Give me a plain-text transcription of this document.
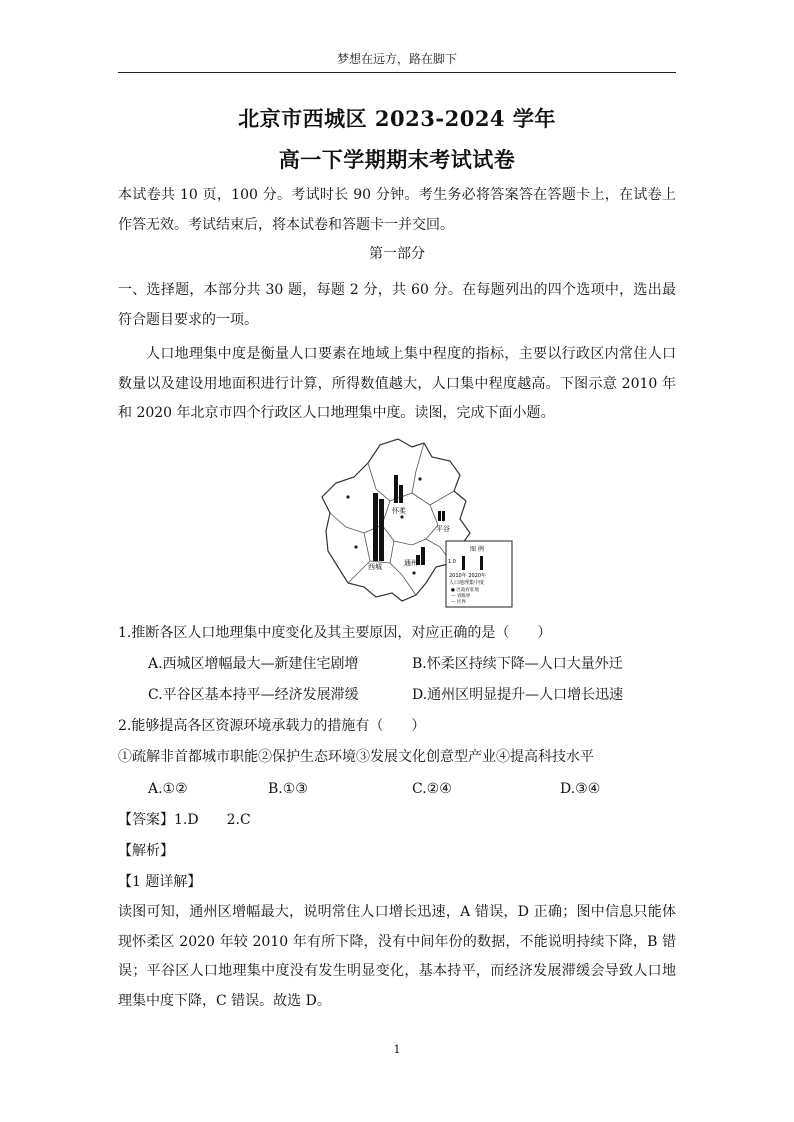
梦想在远方，路在脚下
北京市西城区 2023-2024 学年
高一下学期期末考试试卷
本试卷共 10 页，100 分。考试时长 90 分钟。考生务必将答案答在答题卡上，在试卷上作答无效。考试结束后，将本试卷和答题卡一并交回。
第一部分
一、选择题，本部分共 30 题，每题 2 分，共 60 分。在每题列出的四个选项中，选出最符合题目要求的一项。
人口地理集中度是衡量人口要素在地域上集中程度的指标，主要以行政区内常住人口数量以及建设用地面积进行计算，所得数值越大，人口集中程度越高。下图示意 2010 年和 2020 年北京市四个行政区人口地理集中度。读图，完成下面小题。
怀柔
平谷
西城	通州
图 例
1.0
2010年 2020年
人口地理集中度
● 区政府驻地
— 省级界
— 区界
1.推断各区人口地理集中度变化及其主要原因，对应正确的是（　　）
A.西城区增幅最大—新建住宅剧增	B.怀柔区持续下降—人口大量外迁
C.平谷区基本持平—经济发展滞缓	D.通州区明显提升—人口增长迅速
2.能够提高各区资源环境承载力的措施有（　　）
①疏解非首都城市职能②保护生态环境③发展文化创意型产业④提高科技水平
A.①②	B.①③	C.②④	D.③④
【答案】1.D　　2.C
【解析】
【1 题详解】
读图可知，通州区增幅最大，说明常住人口增长迅速，A 错误，D 正确；图中信息只能体现怀柔区 2020 年较 2010 年有所下降，没有中间年份的数据，不能说明持续下降，B 错误；平谷区人口地理集中度没有发生明显变化，基本持平，而经济发展滞缓会导致人口地理集中度下降，C 错误。故选 D。
1
